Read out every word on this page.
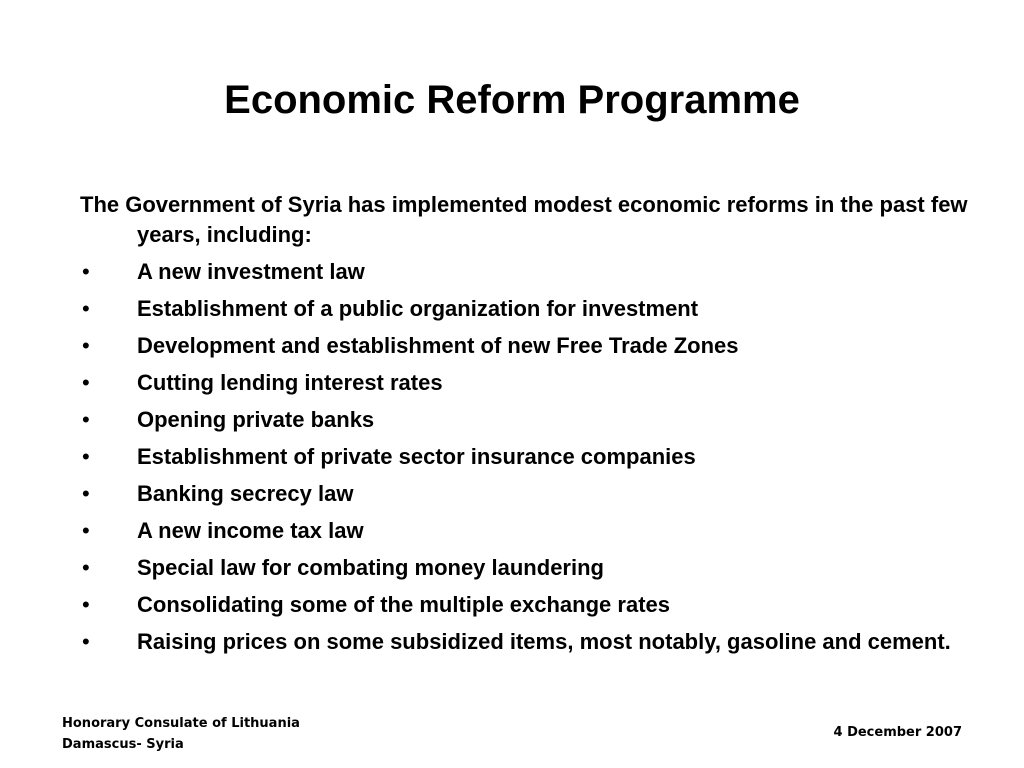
Economic Reform Programme
The Government of Syria has implemented modest economic reforms in the past few years, including:
• A new investment law
• Establishment of a public organization for investment
• Development and establishment of new Free Trade Zones
• Cutting lending interest rates
• Opening private banks
• Establishment of private sector insurance companies
• Banking secrecy law
• A new income tax law
• Special law for combating money laundering
• Consolidating some of the multiple exchange rates
• Raising prices on some subsidized items, most notably, gasoline and cement.
Honorary Consulate of Lithuania
Damascus- Syria
4 December 2007
